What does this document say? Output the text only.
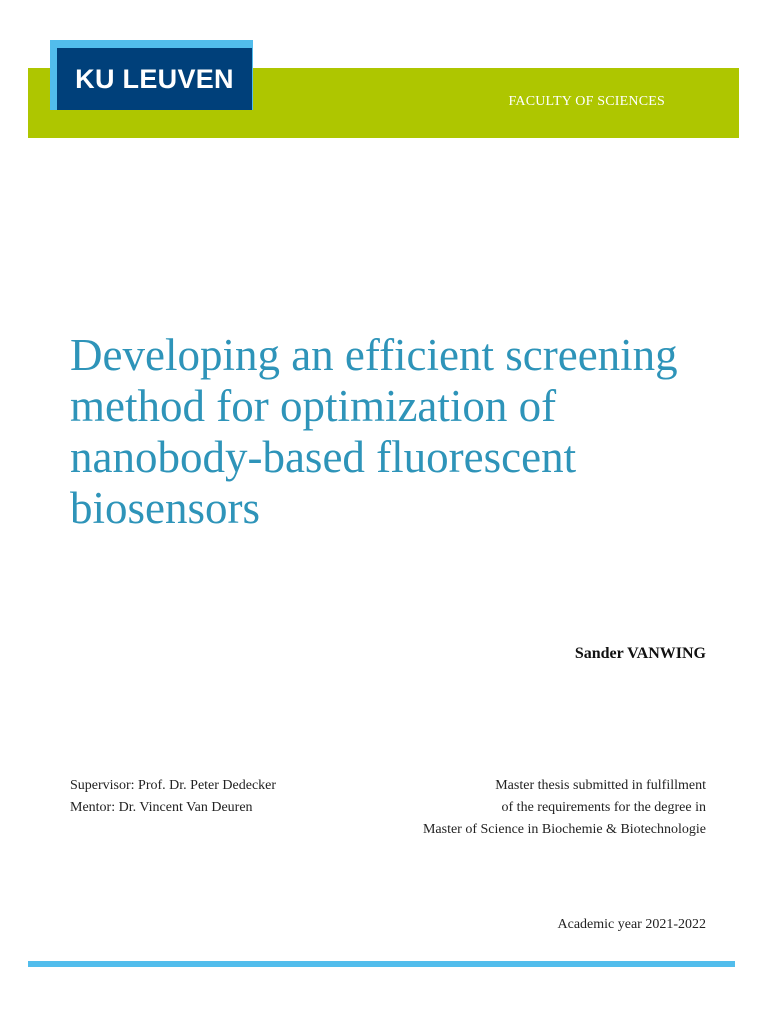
KU LEUVEN
FACULTY OF SCIENCES
Developing an efficient screening method for optimization of nanobody-based fluorescent biosensors
Sander VANWING
Supervisor: Prof. Dr. Peter Dedecker
Mentor: Dr. Vincent Van Deuren
Master thesis submitted in fulfillment
of the requirements for the degree in
Master of Science in Biochemie & Biotechnologie
Academic year 2021-2022
